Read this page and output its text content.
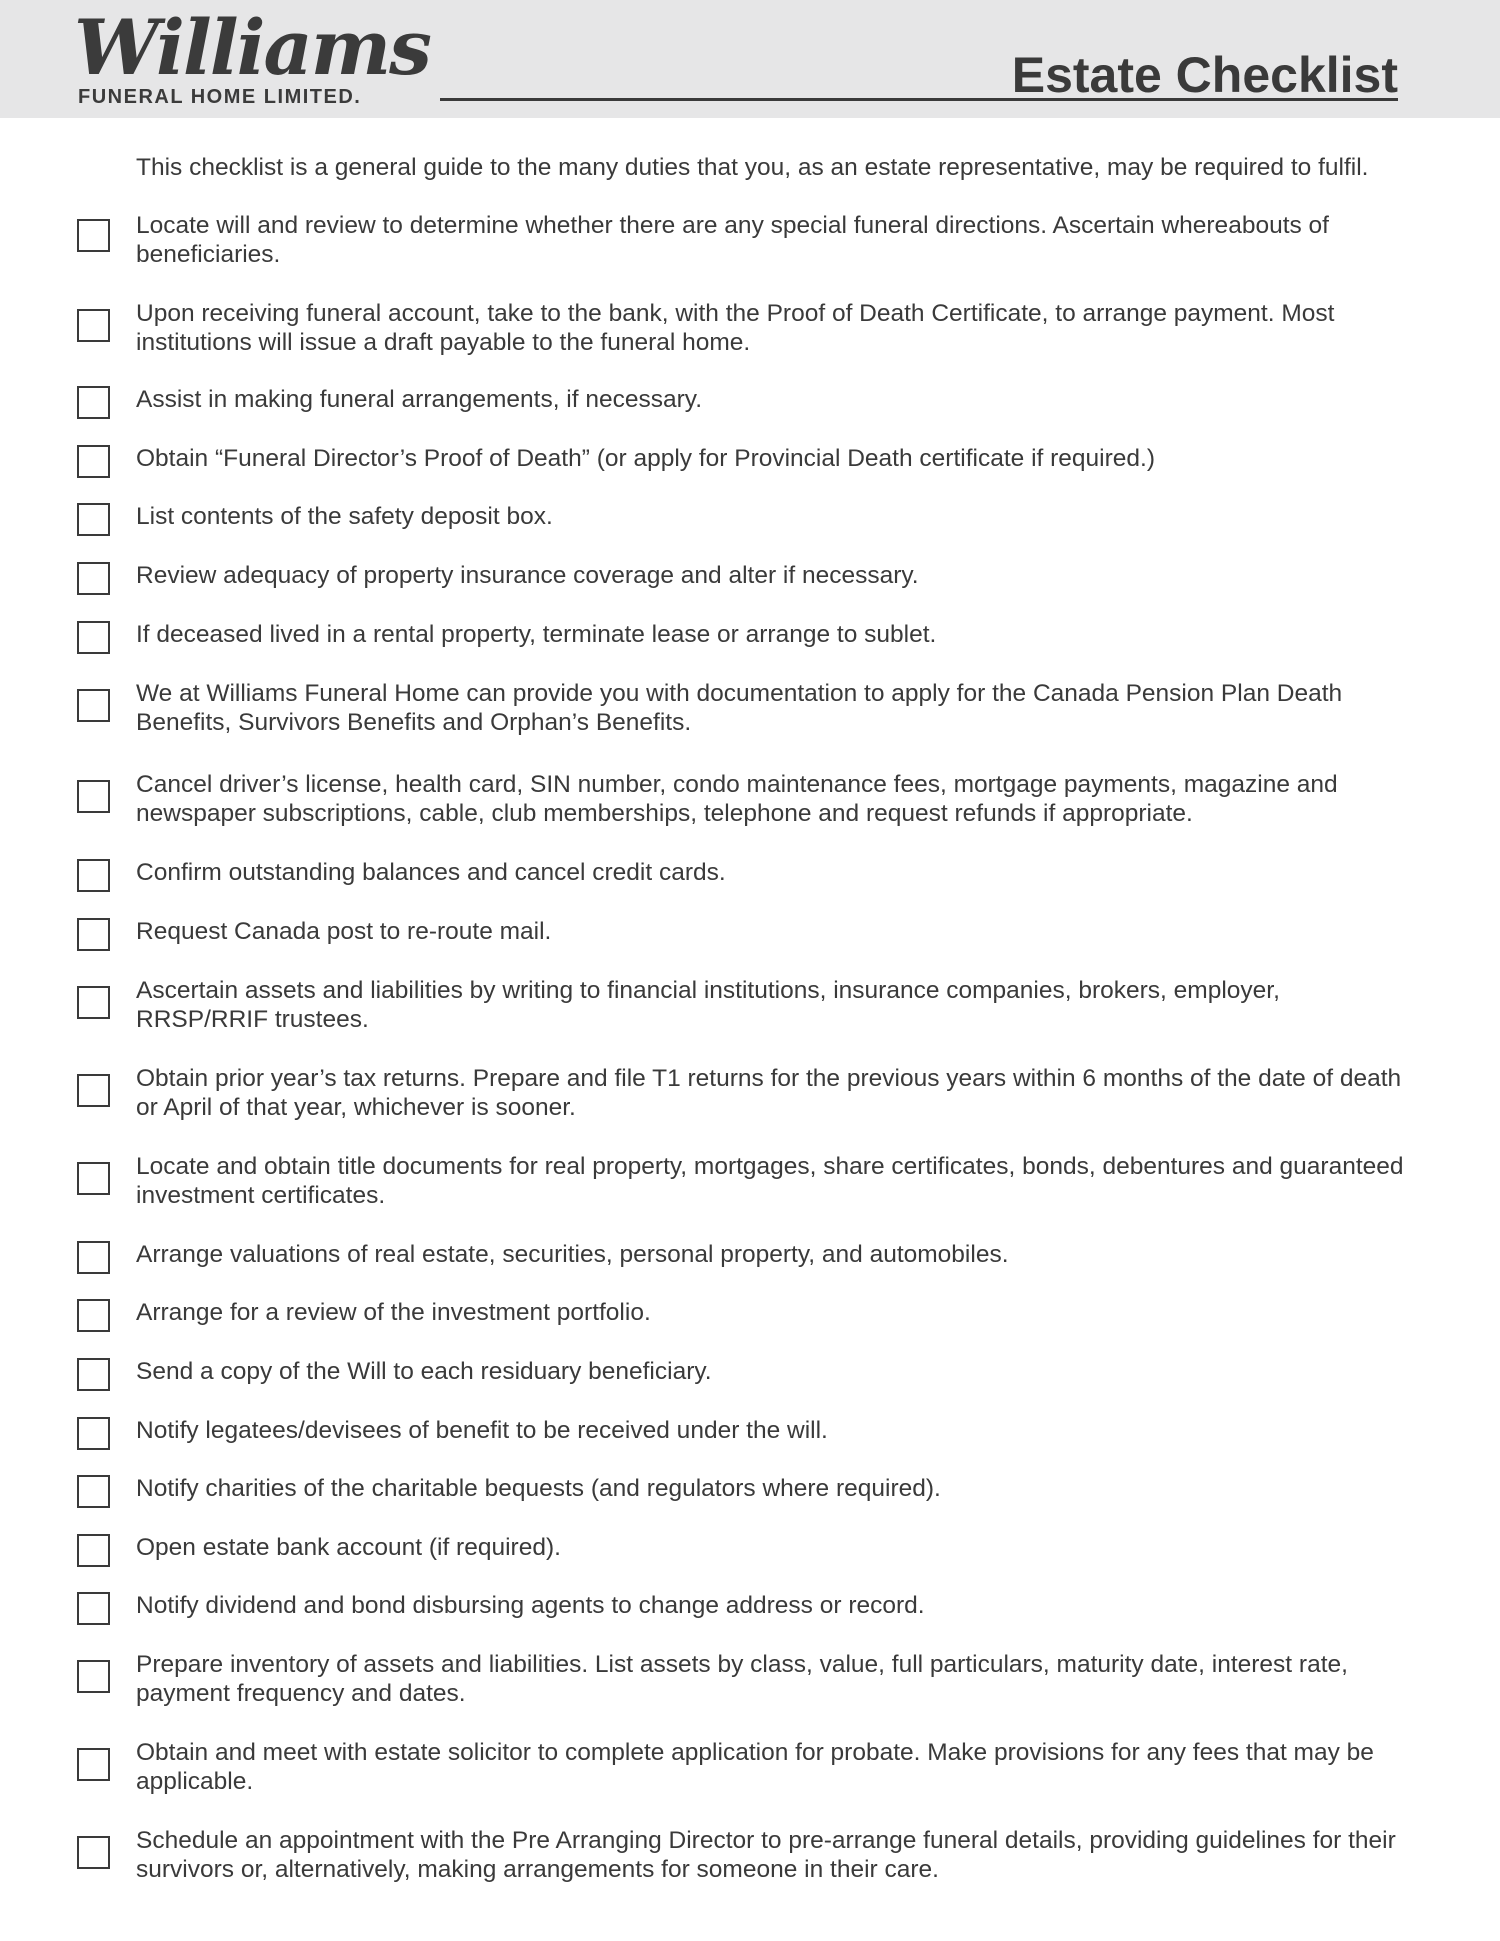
Williams
FUNERAL HOME LIMITED.	Estate Checklist
This checklist is a general guide to the many duties that you, as an estate representative, may be required to fulfil.
Locate will and review to determine whether there are any special funeral directions. Ascertain whereabouts of beneficiaries.
Upon receiving funeral account, take to the bank, with the Proof of Death Certificate, to arrange payment. Most institutions will issue a draft payable to the funeral home.
Assist in making funeral arrangements, if necessary.
Obtain “Funeral Director’s Proof of Death” (or apply for Provincial Death certificate if required.)
List contents of the safety deposit box.
Review adequacy of property insurance coverage and alter if necessary.
If deceased lived in a rental property, terminate lease or arrange to sublet.
We at Williams Funeral Home can provide you with documentation to apply for the Canada Pension Plan Death Benefits, Survivors Benefits and Orphan’s Benefits.
Cancel driver’s license, health card, SIN number, condo maintenance fees, mortgage payments, magazine and newspaper subscriptions, cable, club memberships, telephone and request refunds if appropriate.
Confirm outstanding balances and cancel credit cards.
Request Canada post to re-route mail.
Ascertain assets and liabilities by writing to financial institutions, insurance companies, brokers, employer, RRSP/RRIF trustees.
Obtain prior year’s tax returns. Prepare and file T1 returns for the previous years within 6 months of the date of death or April of that year, whichever is sooner.
Locate and obtain title documents for real property, mortgages, share certificates, bonds, debentures and guaranteed investment certificates.
Arrange valuations of real estate, securities, personal property, and automobiles.
Arrange for a review of the investment portfolio.
Send a copy of the Will to each residuary beneficiary.
Notify legatees/devisees of benefit to be received under the will.
Notify charities of the charitable bequests (and regulators where required).
Open estate bank account (if required).
Notify dividend and bond disbursing agents to change address or record.
Prepare inventory of assets and liabilities. List assets by class, value, full particulars, maturity date, interest rate, payment frequency and dates.
Obtain and meet with estate solicitor to complete application for probate. Make provisions for any fees that may be applicable.
Schedule an appointment with the Pre Arranging Director to pre-arrange funeral details, providing guidelines for their survivors or, alternatively, making arrangements for someone in their care.
